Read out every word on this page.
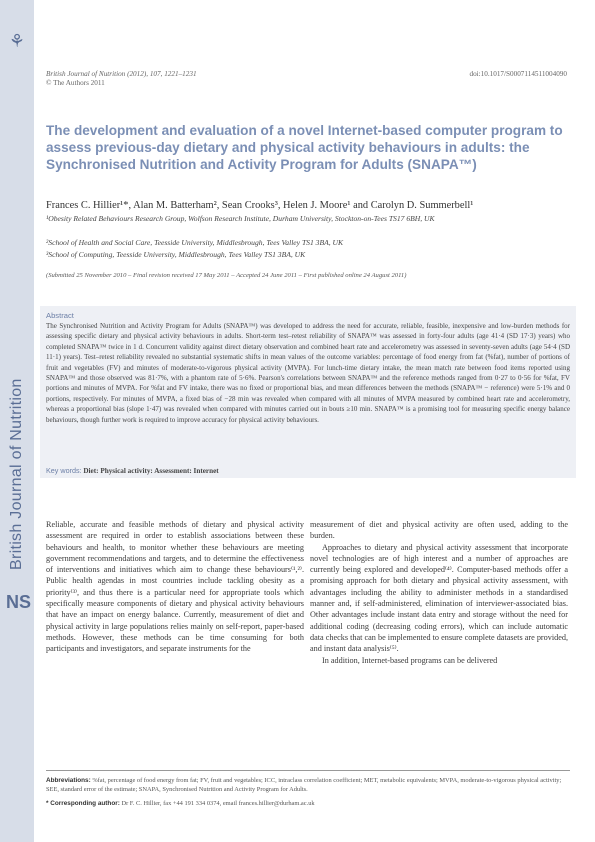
⚘
British Journal of Nutrition
NS
British Journal of Nutrition (2012), 107, 1221–1231
© The Authors 2011
doi:10.1017/S0007114511004090
The development and evaluation of a novel Internet-based computer program to assess previous-day dietary and physical activity behaviours in adults: the Synchronised Nutrition and Activity Program for Adults (SNAPA™)
Frances C. Hillier¹*, Alan M. Batterham², Sean Crooks³, Helen J. Moore¹ and Carolyn D. Summerbell¹
¹Obesity Related Behaviours Research Group, Wolfson Research Institute, Durham University, Stockton-on-Tees TS17 6BH, UK
²School of Health and Social Care, Teesside University, Middlesbrough, Tees Valley TS1 3BA, UK
³School of Computing, Teesside University, Middlesbrough, Tees Valley TS1 3BA, UK
(Submitted 25 November 2010 – Final revision received 17 May 2011 – Accepted 24 June 2011 – First published online 24 August 2011)
Abstract
The Synchronised Nutrition and Activity Program for Adults (SNAPA™) was developed to address the need for accurate, reliable, feasible, inexpensive and low-burden methods for assessing specific dietary and physical activity behaviours in adults. Short-term test–retest reliability of SNAPA™ was assessed in forty-four adults (age 41·4 (SD 17·3) years) who completed SNAPA™ twice in 1 d. Concurrent validity against direct dietary observation and combined heart rate and accelerometry was assessed in seventy-seven adults (age 54·4 (SD 11·1) years). Test–retest reliability revealed no substantial systematic shifts in mean values of the outcome variables: percentage of food energy from fat (%fat), number of portions of fruit and vegetables (FV) and minutes of moderate-to-vigorous physical activity (MVPA). For lunch-time dietary intake, the mean match rate between food items reported using SNAPA™ and those observed was 81·7%, with a phantom rate of 5·6%. Pearson's correlations between SNAPA™ and the reference methods ranged from 0·27 to 0·56 for %fat, FV portions and minutes of MVPA. For %fat and FV intake, there was no fixed or proportional bias, and mean differences between the methods (SNAPA™ − reference) were 5·1% and 0 portions, respectively. For minutes of MVPA, a fixed bias of −28 min was revealed when compared with all minutes of MVPA measured by combined heart rate and accelerometry, whereas a proportional bias (slope 1·47) was revealed when compared with minutes carried out in bouts ≥10 min. SNAPA™ is a promising tool for measuring specific energy balance behaviours, though further work is required to improve accuracy for physical activity behaviours.
Key words: Diet: Physical activity: Assessment: Internet

Reliable, accurate and feasible methods of dietary and physical activity assessment are required in order to establish associations between these behaviours and health, to monitor whether these behaviours are meeting government recommendations and targets, and to determine the effectiveness of interventions and initiatives which aim to change these behaviours⁽¹,²⁾. Public health agendas in most countries include tackling obesity as a priority⁽³⁾, and thus there is a particular need for appropriate tools which specifically measure components of dietary and physical activity behaviours that have an impact on energy balance. Currently, measurement of diet and physical activity in large populations relies mainly on self-report, paper-based methods. However, these methods can be time consuming for both participants and investigators, and separate instruments for the

measurement of diet and physical activity are often used, adding to the burden.

Approaches to dietary and physical activity assessment that incorporate novel technologies are of high interest and a number of approaches are currently being explored and developed⁽⁴⁾. Computer-based methods offer a promising approach for both dietary and physical activity assessment, with advantages including the ability to administer methods in a standardised manner and, if self-administered, elimination of interviewer-associated bias. Other advantages include instant data entry and storage without the need for additional coding (decreasing coding errors), which can include automatic data checks that can be implemented to ensure complete datasets are provided, and instant data analysis⁽⁵⁾.

In addition, Internet-based programs can be delivered

Abbreviations: %fat, percentage of food energy from fat; FV, fruit and vegetables; ICC, intraclass correlation coefficient; MET, metabolic equivalents; MVPA, moderate-to-vigorous physical activity; SEE, standard error of the estimate; SNAPA, Synchronised Nutrition and Activity Program for Adults.
* Corresponding author: Dr F. C. Hillier, fax +44 191 334 0374, email frances.hillier@durham.ac.uk
